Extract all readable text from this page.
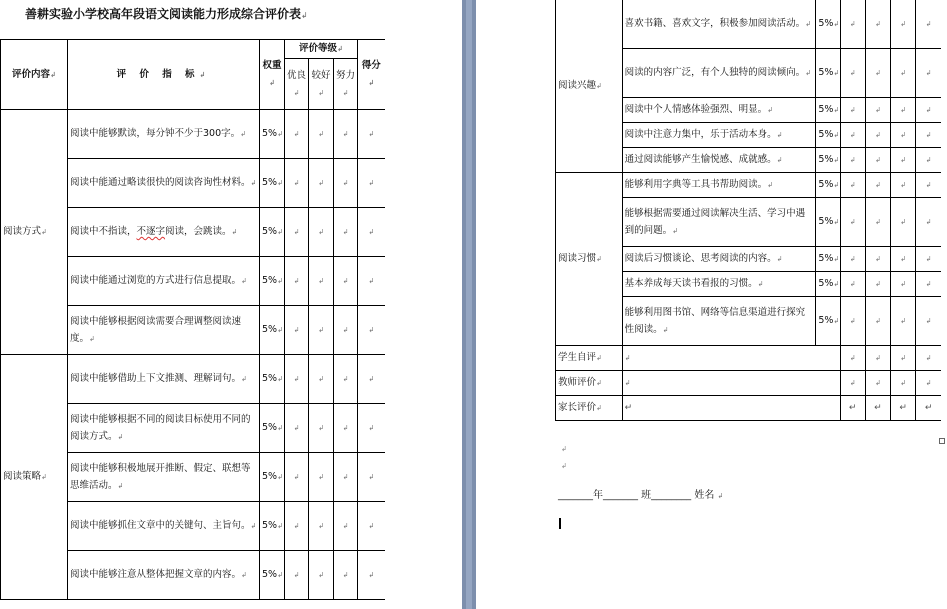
善耕实验小学校高年段语文阅读能力形成综合评价表↲
评价内容↲	评 价 指 标↲	权重↲	评价等级↲			得分↲
			优良↲	较好↲	努力↲	
阅读方式↲	阅读中能够默读，每分钟不少于300字。↲	5%↲	↲	↲	↲	↲
	阅读中能通过略读很快的阅读咨询性材料。↲	5%↲	↲	↲	↲	↲
	阅读中不指读，不逐字阅读，会跳读。↲	5%↲	↲	↲	↲	↲
	阅读中能通过浏览的方式进行信息提取。↲	5%↲	↲	↲	↲	↲
	阅读中能够根据阅读需要合理调整阅读速度。↲	5%↲	↲	↲	↲	↲
阅读策略↲	阅读中能够借助上下文推测、理解词句。↲	5%↲	↲	↲	↲	↲
	阅读中能够根据不同的阅读目标使用不同的阅读方式。↲	5%↲	↲	↲	↲	↲
	阅读中能够积极地展开推断、假定、联想等思维活动。↲	5%↲	↲	↲	↲	↲
	阅读中能够抓住文章中的关键句、主旨句。↲	5%↲	↲	↲	↲	↲
	阅读中能够注意从整体把握文章的内容。↲	5%↲	↲	↲	↲	↲
阅读兴趣↲	喜欢书籍、喜欢文字，积极参加阅读活动。↲	5%↲	↲	↲	↲	↲
	阅读的内容广泛，有个人独特的阅读倾向。↲	5%↲	↲	↲	↲	↲
	阅读中个人情感体验强烈、明显。↲	5%↲	↲	↲	↲	↲
	阅读中注意力集中，乐于活动本身。↲	5%↲	↲	↲	↲	↲
	通过阅读能够产生愉悦感、成就感。↲	5%↲	↲	↲	↲	↲
阅读习惯↲	能够利用字典等工具书帮助阅读。↲	5%↲	↲	↲	↲	↲
	能够根据需要通过阅读解决生活、学习中遇到的问题。↲	5%↲	↲	↲	↲	↲
	阅读后习惯谈论、思考阅读的内容。↲	5%↲	↲	↲	↲	↲
	基本养成每天读书看报的习惯。↲	5%↲	↲	↲	↲	↲
	能够利用图书馆、网络等信息渠道进行探究性阅读。↲	5%↲	↲	↲	↲	↲
学生自评↲	↲		↲	↲	↲	↲
教师评价↲	↲		↲	↲	↲	↲
家长评价↲	↵		↵	↵	↵	↵
↲
↲
_______年_______ 班________ 姓名 ↲
